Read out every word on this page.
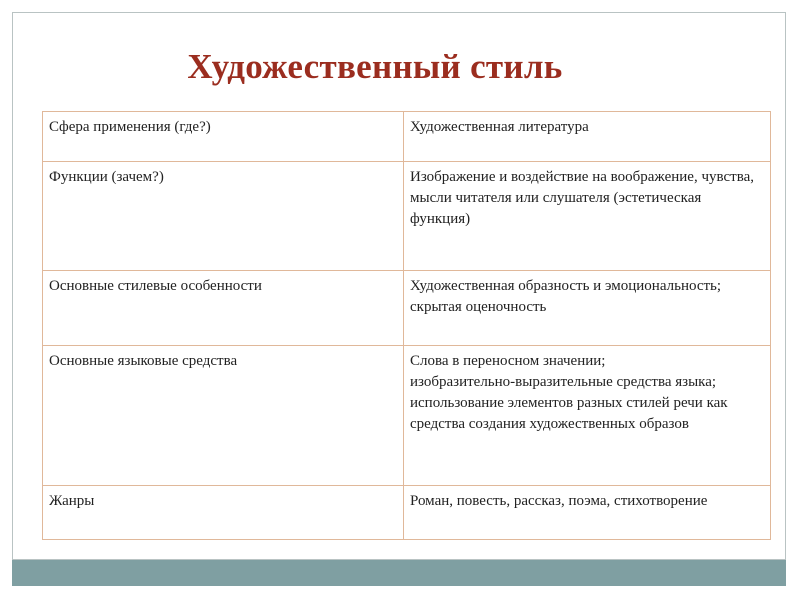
Художественный стиль
Сфера применения (где?)	Художественная литература
Функции (зачем?)	Изображение и воздействие на воображение, чувства, мысли читателя или слушателя (эстетическая функция)
Основные стилевые особенности	Художественная образность и эмоциональность; скрытая оценочность
Основные языковые средства	Слова в переносном значении;
изобразительно-выразительные средства языка;
использование элементов разных стилей речи как средства создания художественных образов
Жанры	Роман, повесть, рассказ, поэма, стихотворение
